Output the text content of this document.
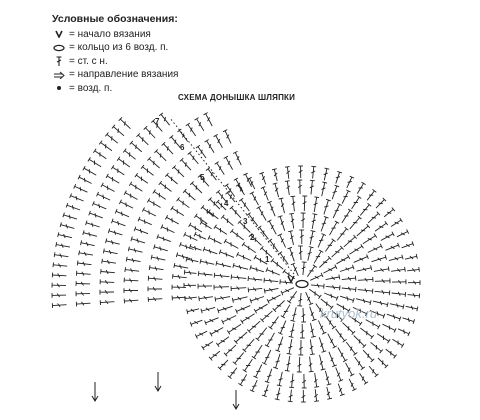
Условные обозначения:
= начало вязания
= кольцо из 6 возд. п.
= ст. с н.
= направление вязания
= возд. п.
СХЕМА ДОНЫШКА ШЛЯПКИ
1
2
3
4
5
6
7
krutyok.ru
